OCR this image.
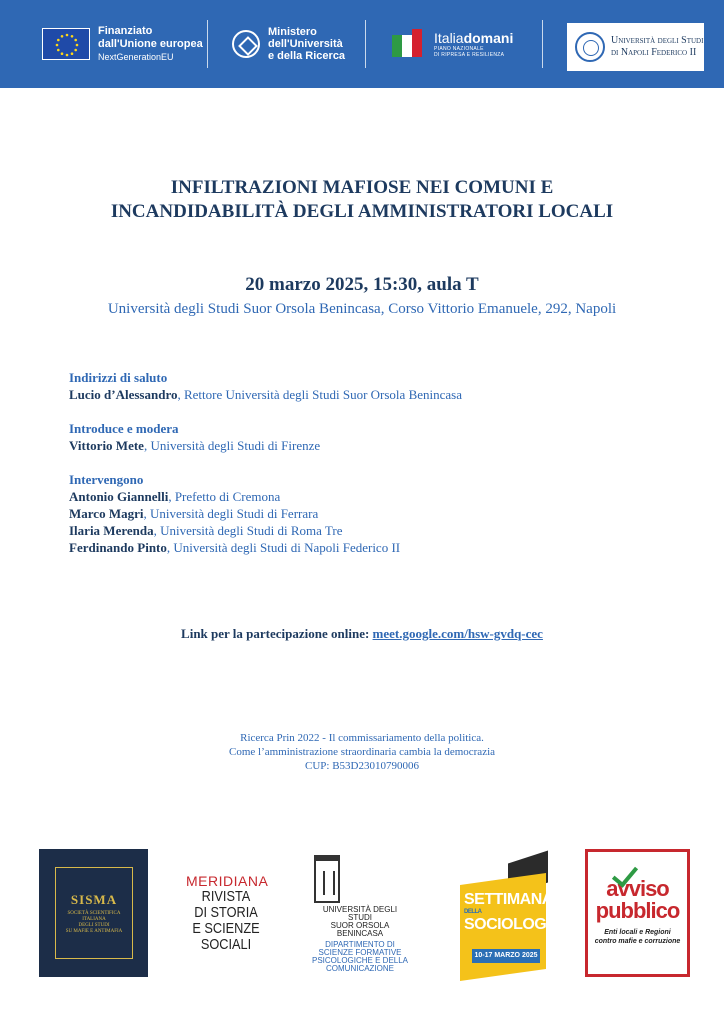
Finanziato
dall'Unione europea
NextGenerationEU
Ministero
dell'Università
e della Ricerca
Italiadomani
PIANO NAZIONALE
DI RIPRESA E RESILIENZA
Università degli Studi
di Napoli Federico II
INFILTRAZIONI MAFIOSE NEI COMUNI E
INCANDIDABILITÀ DEGLI AMMINISTRATORI LOCALI
20 marzo 2025, 15:30, aula T
Università degli Studi Suor Orsola Benincasa, Corso Vittorio Emanuele, 292, Napoli
Indirizzi di saluto
Lucio d’Alessandro, Rettore Università degli Studi Suor Orsola Benincasa
Introduce e modera
Vittorio Mete, Università degli Studi di Firenze
Intervengono
Antonio Giannelli, Prefetto di Cremona
Marco Magri, Università degli Studi di Ferrara
Ilaria Merenda, Università degli Studi di Roma Tre
Ferdinando Pinto, Università degli Studi di Napoli Federico II
Link per la partecipazione online: meet.google.com/hsw-gvdq-cec
Ricerca Prin 2022 - Il commissariamento della politica.
Come l’amministrazione straordinaria cambia la democrazia
CUP: B53D23010790006
SISMA
SOCIETÀ SCIENTIFICA
ITALIANA
DEGLI STUDI
SU MAFIE E ANTIMAFIA
MERIDIANA
RIVISTA
DI STORIA
E SCIENZE
SOCIALI
UNIVERSITÀ DEGLI STUDI
SUOR ORSOLA
BENINCASA
DIPARTIMENTO DI
SCIENZE FORMATIVE
PSICOLOGICHE E DELLA
COMUNICAZIONE
SETTIMANA
DELLA
SOCIOLOGIA
10-17 MARZO 2025
avviso
pubblico
Enti locali e Regioni
contro mafie e corruzione
